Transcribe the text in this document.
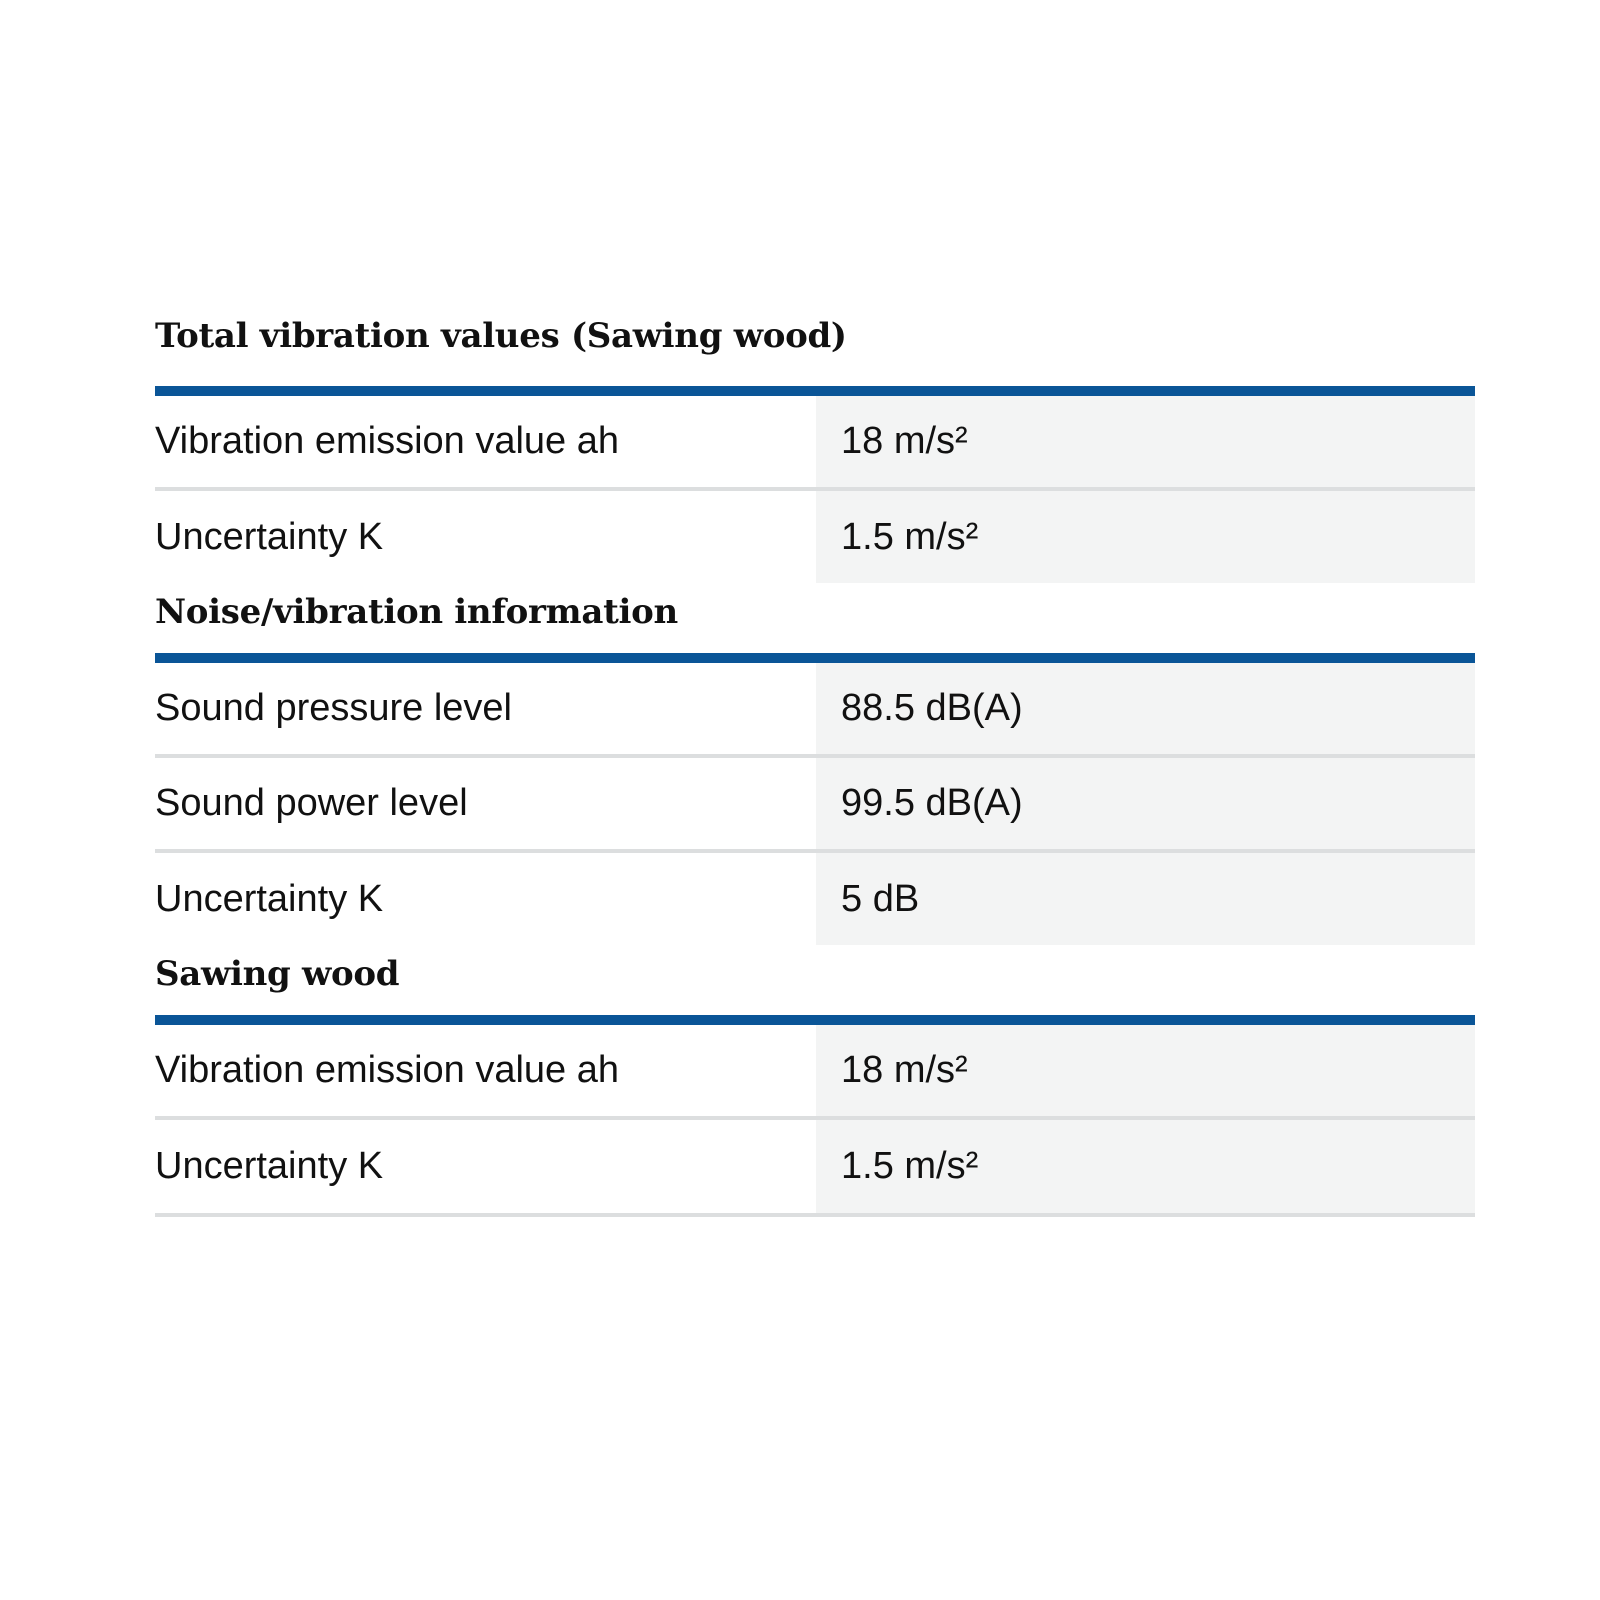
Total vibration values (Sawing wood)
Vibration emission value ah	18 m/s²
Uncertainty K	1.5 m/s²
Noise/vibration information
Sound pressure level	88.5 dB(A)
Sound power level	99.5 dB(A)
Uncertainty K	5 dB
Sawing wood
Vibration emission value ah	18 m/s²
Uncertainty K	1.5 m/s²
